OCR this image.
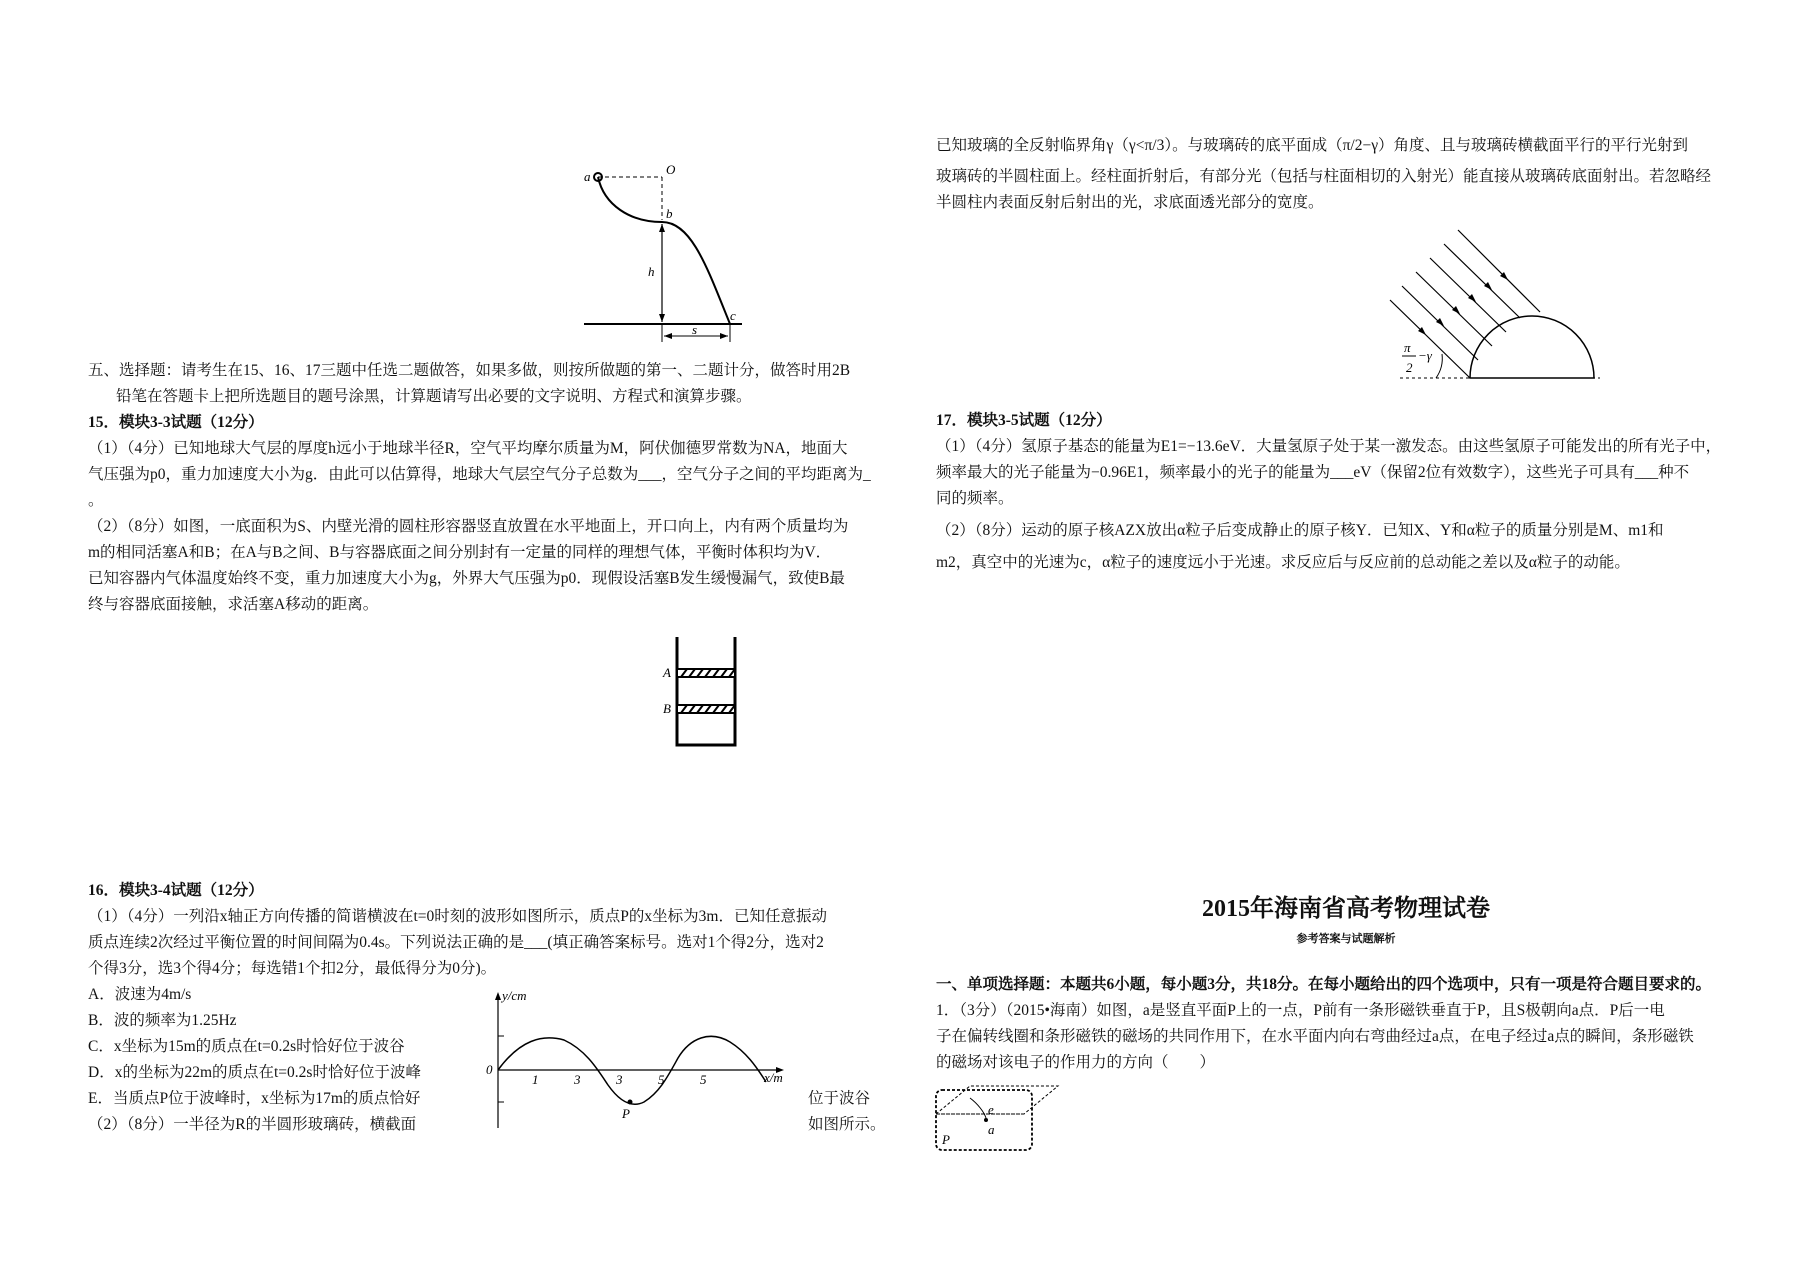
a	O
b
h
c
s

五、选择题：请考生在15、16、17三题中任选二题做答，如果多做，则按所做题的第一、二题计分，做答时用2B

铅笔在答题卡上把所选题目的题号涂黑，计算题请写出必要的文字说明、方程式和演算步骤。

15．模块3-3试题（12分）

（1）（4分）已知地球大气层的厚度h远小于地球半径R，空气平均摩尔质量为M，阿伏伽德罗常数为NA，地面大

气压强为p0，重力加速度大小为g．由此可以估算得，地球大气层空气分子总数为___，空气分子之间的平均距离为_

。

（2）（8分）如图，一底面积为S、内壁光滑的圆柱形容器竖直放置在水平地面上，开口向上，内有两个质量均为

m的相同活塞A和B；在A与B之间、B与容器底面之间分别封有一定量的同样的理想气体，平衡时体积均为V．

已知容器内气体温度始终不变，重力加速度大小为g，外界大气压强为p0．现假设活塞B发生缓慢漏气，致使B最

终与容器底面接触，求活塞A移动的距离。

A
B

16．模块3-4试题（12分）

（1）（4分）一列沿x轴正方向传播的简谐横波在t=0时刻的波形如图所示，质点P的x坐标为3m．已知任意振动

质点连续2次经过平衡位置的时间间隔为0.4s。下列说法正确的是___(填正确答案标号。选对1个得2分，选对2

个得3分，选3个得4分；每选错1个扣2分，最低得分为0分)。

A．波速为4m/s

B．波的频率为1.25Hz

C．x坐标为15m的质点在t=0.2s时恰好位于波谷

D．x的坐标为22m的质点在t=0.2s时恰好位于波峰

E．当质点P位于波峰时，x坐标为17m的质点恰好

（2）（8分）一半径为R的半圆形玻璃砖，横截面

位于波谷
如图所示。
y/cm
x/m
0
1	3	3	5	5
P

已知玻璃的全反射临界角γ（γ<π/3）。与玻璃砖的底平面成（π/2−γ）角度、且与玻璃砖横截面平行的平行光射到

玻璃砖的半圆柱面上。经柱面折射后，有部分光（包括与柱面相切的入射光）能直接从玻璃砖底面射出。若忽略经

半圆柱内表面反射后射出的光，求底面透光部分的宽度。

π
−γ
2

17．模块3-5试题（12分）

（1）（4分）氢原子基态的能量为E1=−13.6eV．大量氢原子处于某一激发态。由这些氢原子可能发出的所有光子中，

频率最大的光子能量为−0.96E1，频率最小的光子的能量为___eV（保留2位有效数字），这些光子可具有___种不

同的频率。

（2）（8分）运动的原子核AZX放出α粒子后变成静止的原子核Y．已知X、Y和α粒子的质量分别是M、m1和

m2，真空中的光速为c，α粒子的速度远小于光速。求反应后与反应前的总动能之差以及α粒子的动能。

2015年海南省高考物理试卷
参考答案与试题解析

一、单项选择题：本题共6小题，每小题3分，共18分。在每小题给出的四个选项中，只有一项是符合题目要求的。

1．（3分）（2015•海南）如图，a是竖直平面P上的一点，P前有一条形磁铁垂直于P，且S极朝向a点．P后一电

子在偏转线圈和条形磁铁的磁场的共同作用下，在水平面内向右弯曲经过a点，在电子经过a点的瞬间，条形磁铁

的磁场对该电子的作用力的方向（　　）

e
a
P
